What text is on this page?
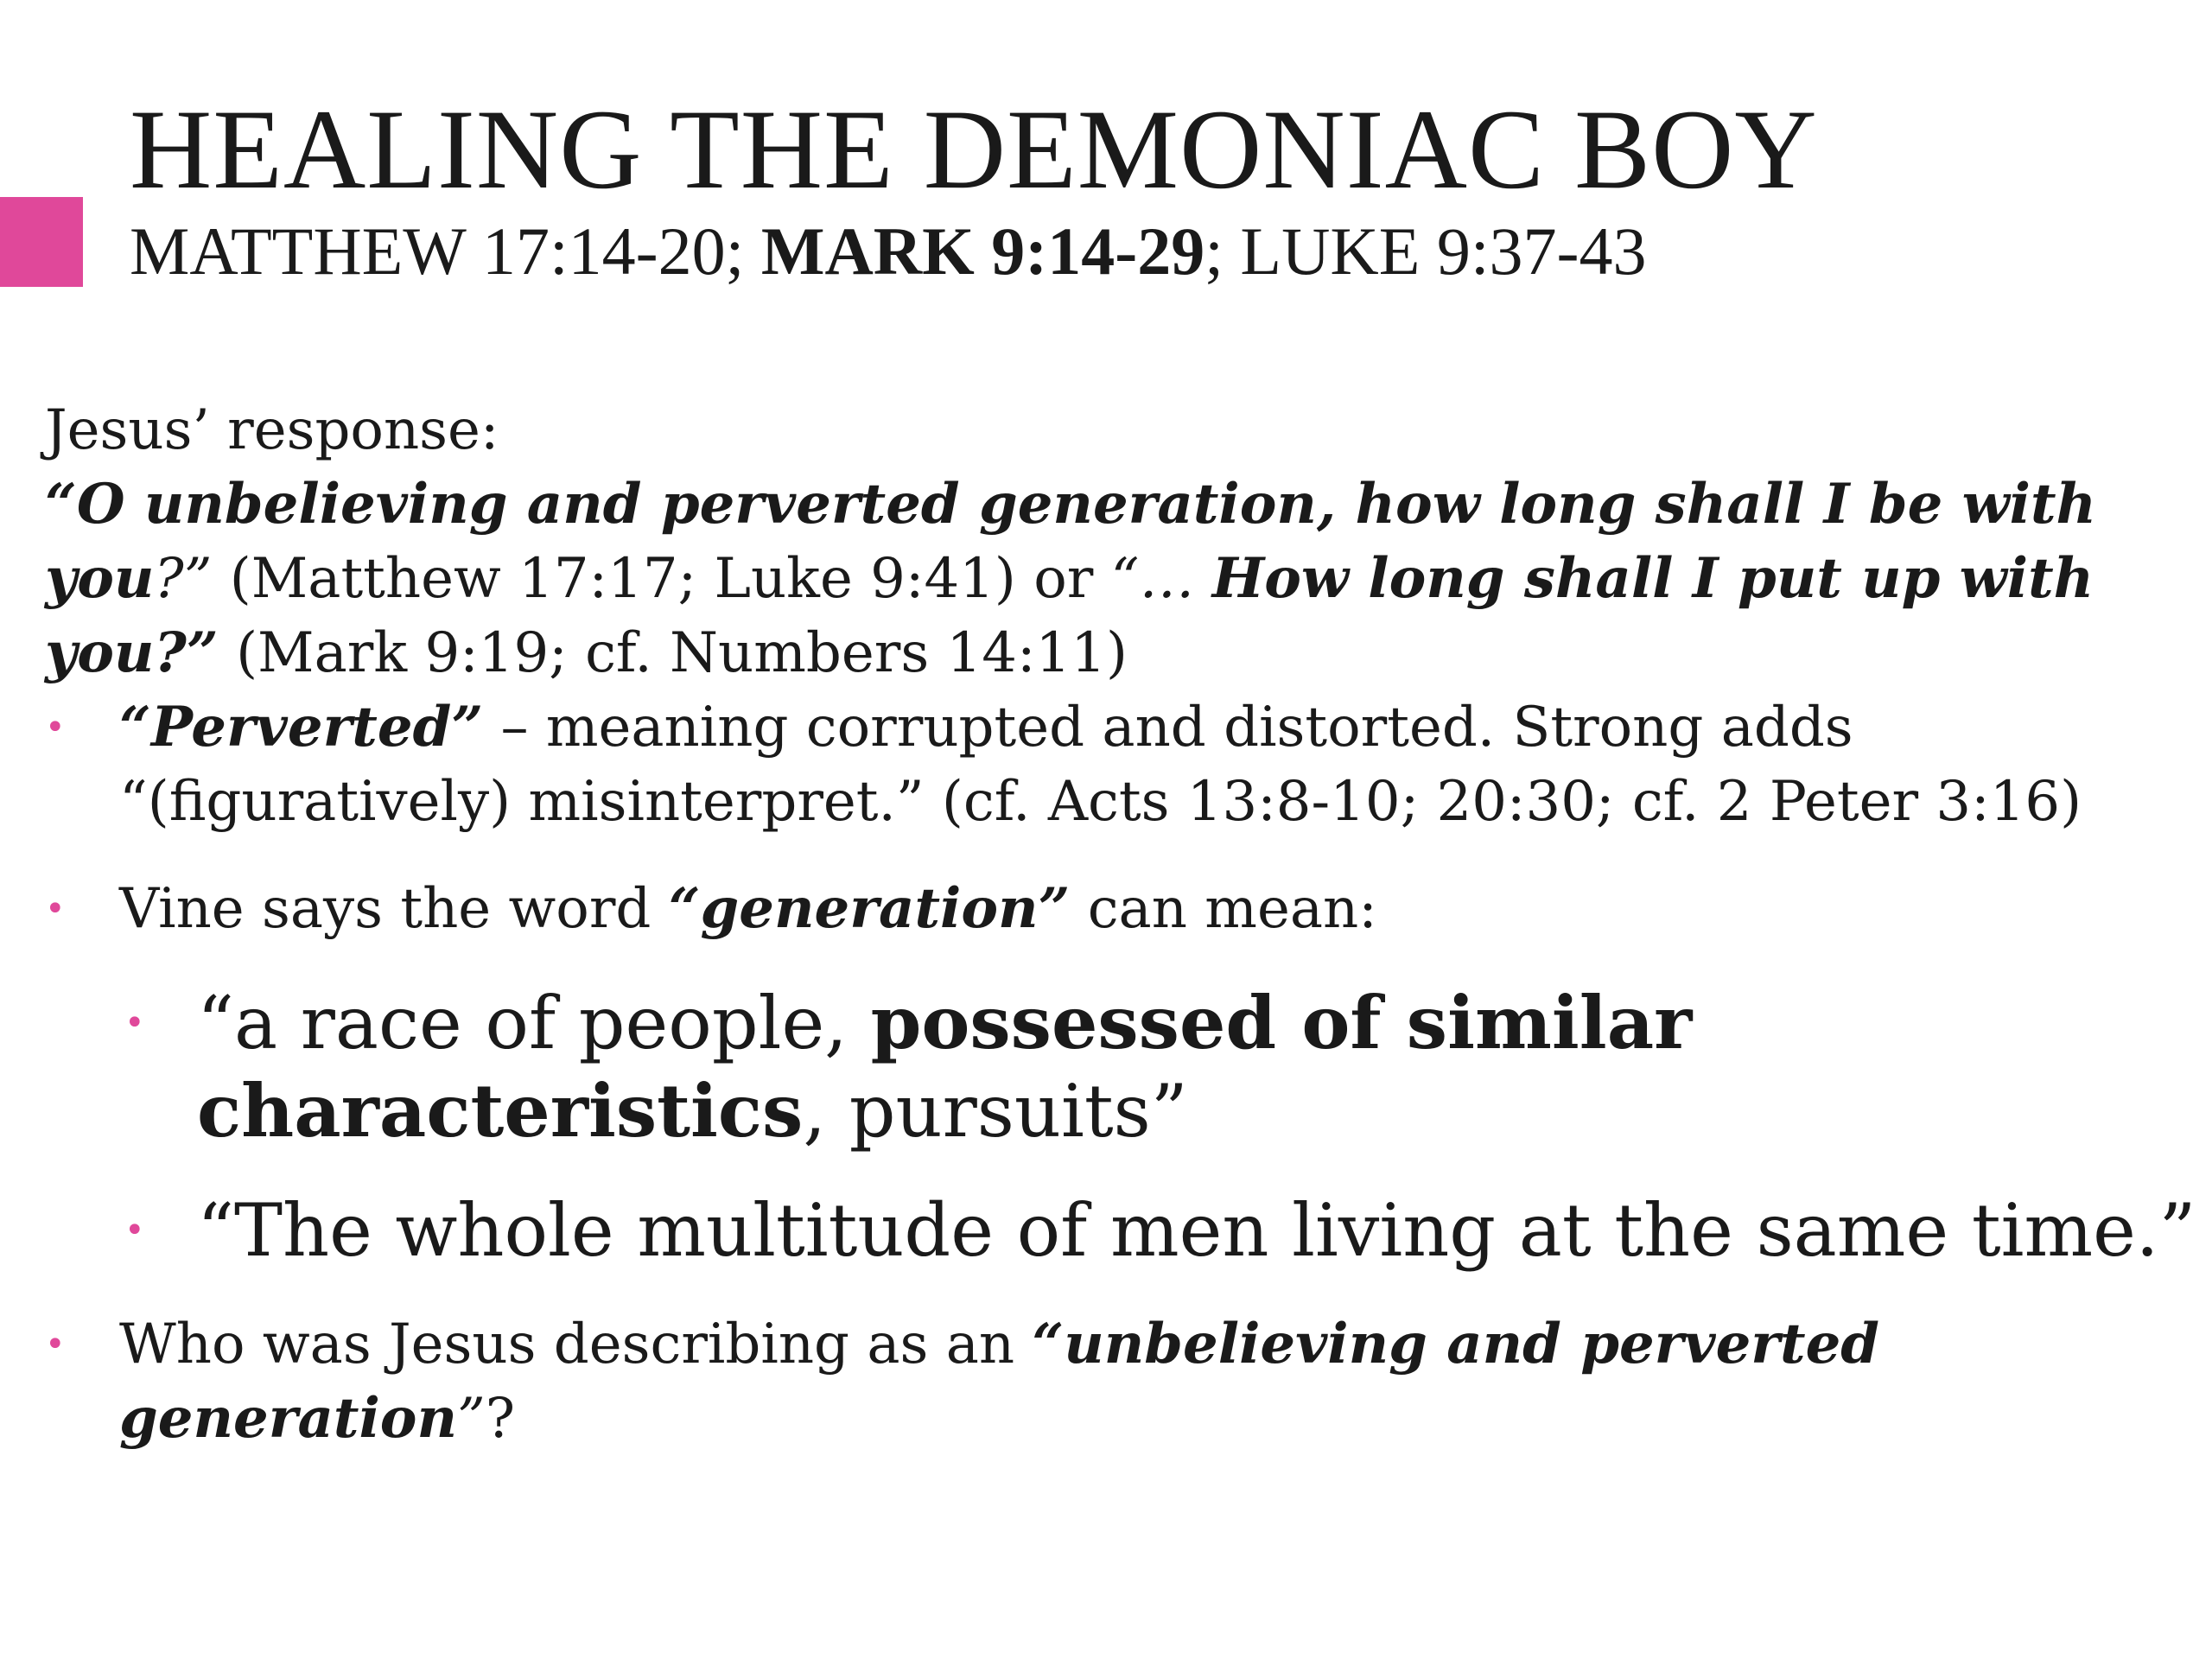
HEALING THE DEMONIAC BOY
MATTHEW 17:14-20; MARK 9:14-29; LUKE 9:37-43

Jesus’ response:

“O unbelieving and perverted generation, how long shall I be with you?” (Matthew 17:17; Luke 9:41) or “… How long shall I put up with you?” (Mark 9:19; cf. Numbers 14:11)

• “Perverted” – meaning corrupted and distorted. Strong adds “(figuratively) misinterpret.” (cf. Acts 13:8-10; 20:30; cf. 2 Peter 3:16)
• Vine says the word “generation” can mean:
• “a race of people, possessed of similar characteristics, pursuits”
• “The whole multitude of men living at the same time.”
• Who was Jesus describing as an “unbelieving and perverted generation”?
